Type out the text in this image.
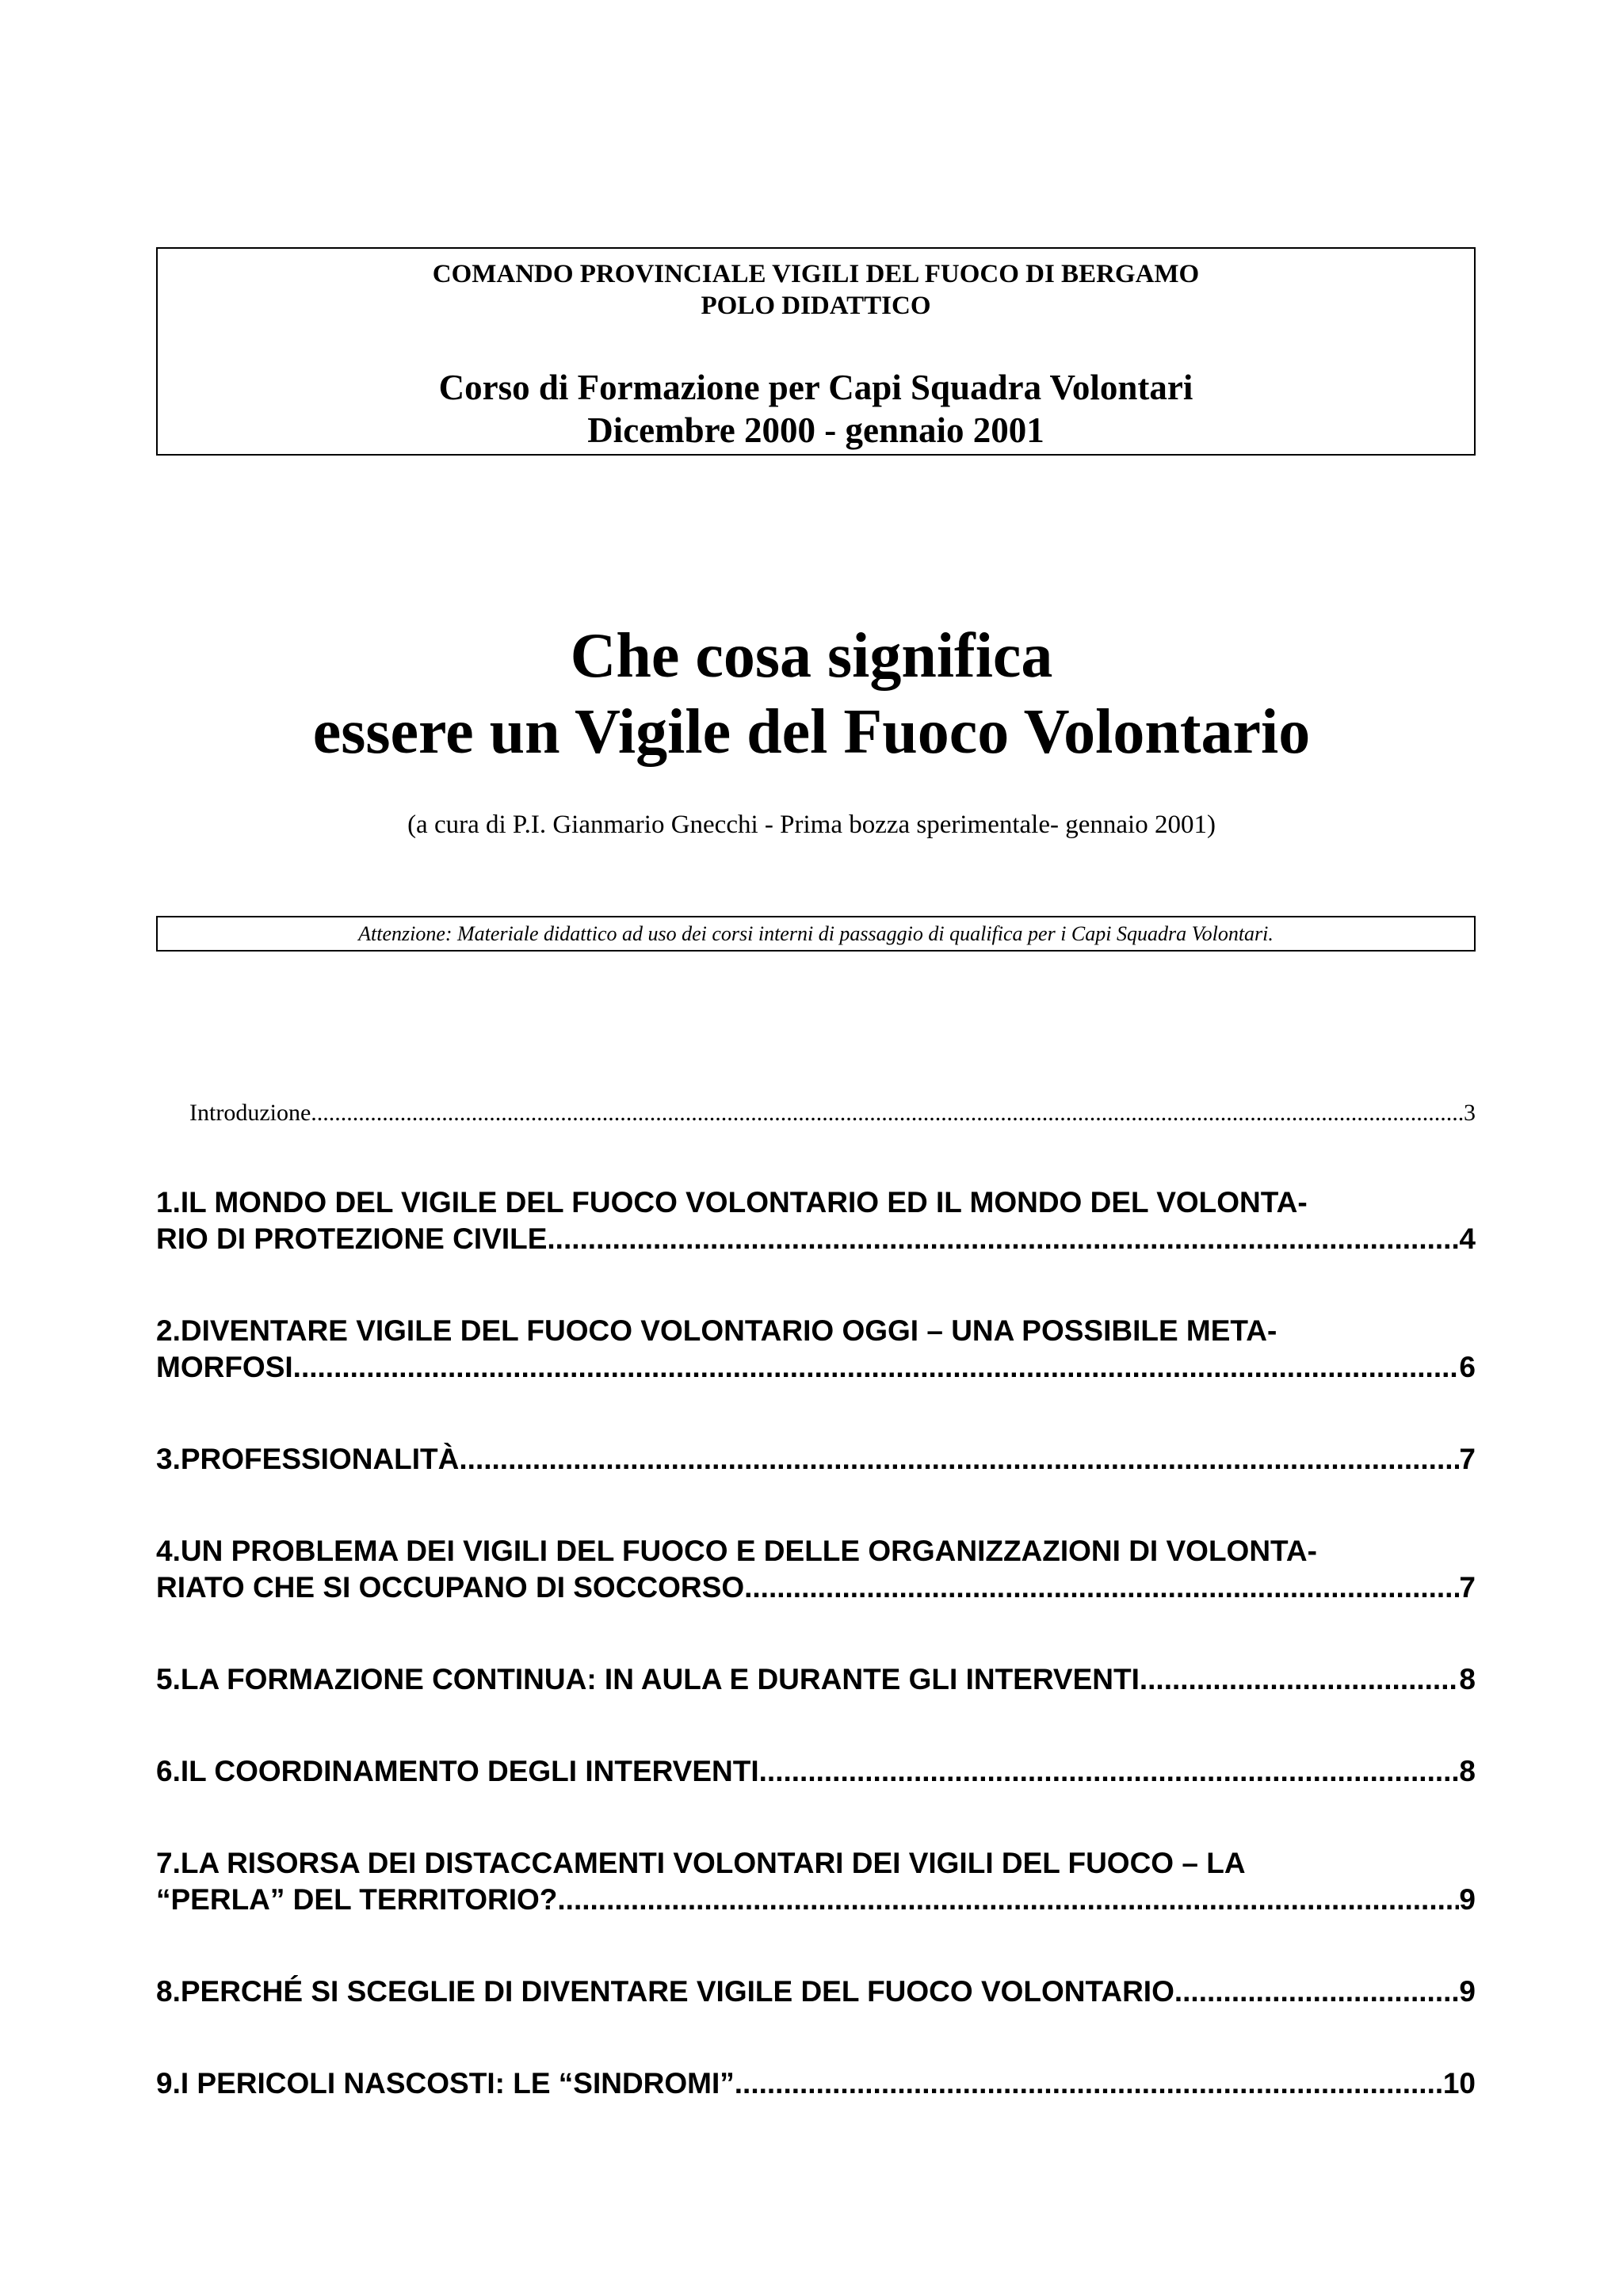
COMANDO PROVINCIALE VIGILI DEL FUOCO DI BERGAMO
POLO DIDATTICO
Corso di Formazione per Capi Squadra Volontari
Dicembre 2000 - gennaio 2001
Che cosa significa
essere un Vigile del Fuoco Volontario
(a cura di P.I. Gianmario Gnecchi - Prima bozza sperimentale- gennaio 2001)
Attenzione: Materiale didattico ad uso dei corsi interni di passaggio di qualifica per i Capi Squadra Volontari.
Introduzione .....	3
1.IL MONDO DEL VIGILE DEL FUOCO VOLONTARIO ED IL MONDO DEL VOLONTA-
RIO DI PROTEZIONE CIVILE .....	4
2.DIVENTARE VIGILE DEL FUOCO VOLONTARIO OGGI – UNA POSSIBILE META-
MORFOSI .....	6
3.PROFESSIONALITÀ .....	7
4.UN PROBLEMA DEI VIGILI DEL FUOCO E DELLE ORGANIZZAZIONI DI VOLONTA-
RIATO CHE SI OCCUPANO DI SOCCORSO .....	7
5.LA FORMAZIONE CONTINUA: IN AULA E DURANTE GLI INTERVENTI .....	8
6.IL COORDINAMENTO DEGLI INTERVENTI .....	8
7.LA RISORSA DEI DISTACCAMENTI VOLONTARI DEI VIGILI DEL FUOCO – LA
“PERLA” DEL TERRITORIO? .....	9
8.PERCHÉ SI SCEGLIE DI DIVENTARE VIGILE DEL FUOCO VOLONTARIO .....	9
9.I PERICOLI NASCOSTI: LE “SINDROMI” .....	10
